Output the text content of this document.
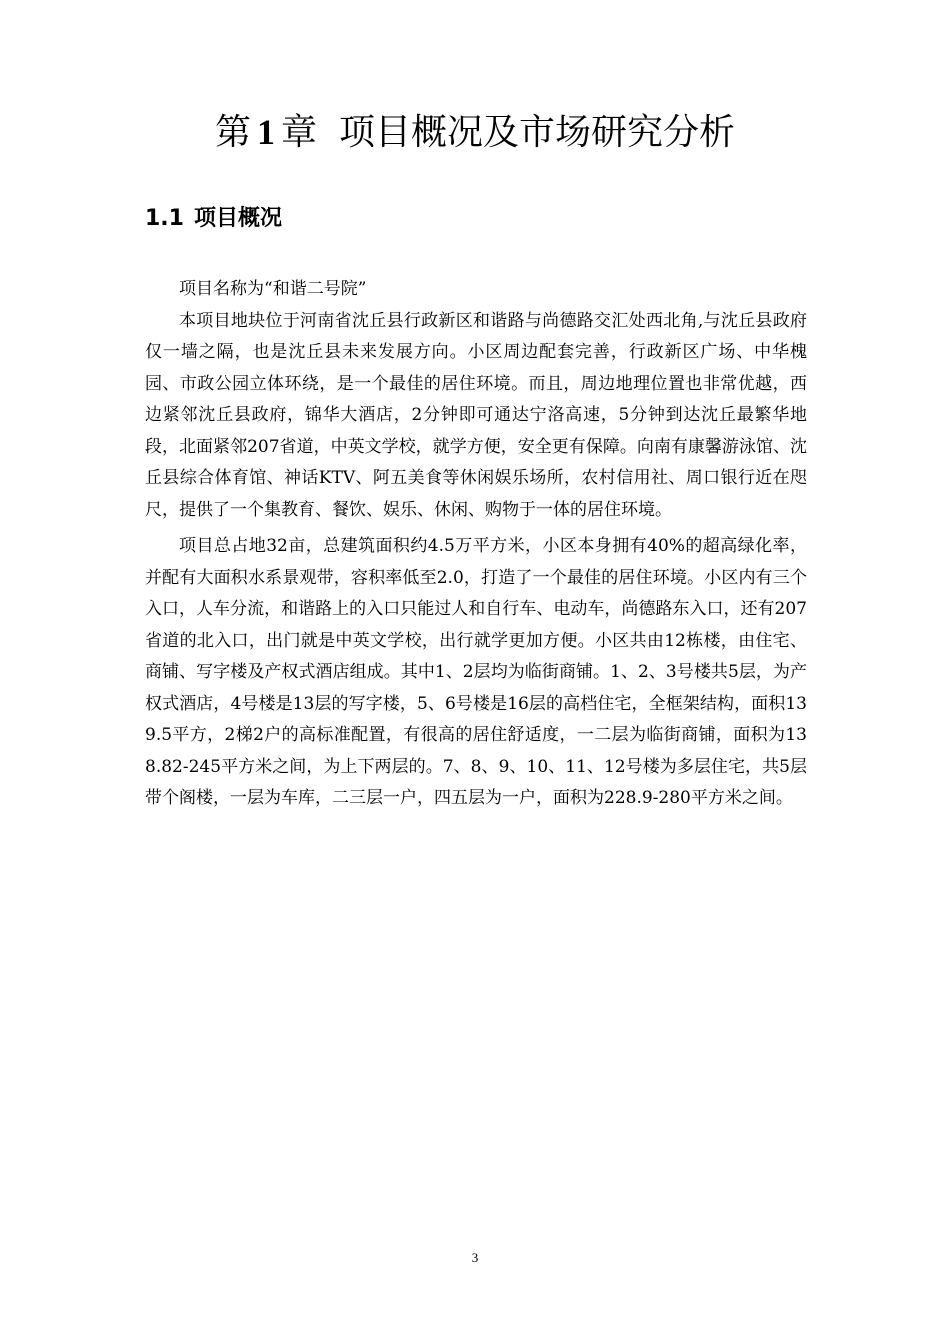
第 1 章 项目概况及市场研究分析
1.1 项目概况

项目名称为“和谐二号院”

本项目地块位于河南省沈丘县行政新区和谐路与尚德路交汇处西北角,与沈丘县政府仅一墙之隔，也是沈丘县未来发展方向。小区周边配套完善，行政新区广场、中华槐园、市政公园立体环绕，是一个最佳的居住环境。而且，周边地理位置也非常优越，西边紧邻沈丘县政府，锦华大酒店，2分钟即可通达宁洛高速，5分钟到达沈丘最繁华地段，北面紧邻207省道，中英文学校，就学方便，安全更有保障。向南有康馨游泳馆、沈丘县综合体育馆、神话KTV、阿五美食等休闲娱乐场所，农村信用社、周口银行近在咫尺，提供了一个集教育、餐饮、娱乐、休闲、购物于一体的居住环境。

项目总占地32亩，总建筑面积约4.5万平方米，小区本身拥有40%的超高绿化率，并配有大面积水系景观带，容积率低至2.0，打造了一个最佳的居住环境。小区内有三个入口，人车分流，和谐路上的入口只能过人和自行车、电动车，尚德路东入口，还有207省道的北入口，出门就是中英文学校，出行就学更加方便。小区共由12栋楼，由住宅、商铺、写字楼及产权式酒店组成。其中1、2层均为临街商铺。1、2、3号楼共5层，为产权式酒店，4号楼是13层的写字楼，5、6号楼是16层的高档住宅，全框架结构，面积139.5平方，2梯2户的高标准配置，有很高的居住舒适度，一二层为临街商铺，面积为138.82-245平方米之间，为上下两层的。7、8、9、10、11、12号楼为多层住宅，共5层带个阁楼，一层为车库，二三层一户，四五层为一户，面积为228.9-280平方米之间。

3
